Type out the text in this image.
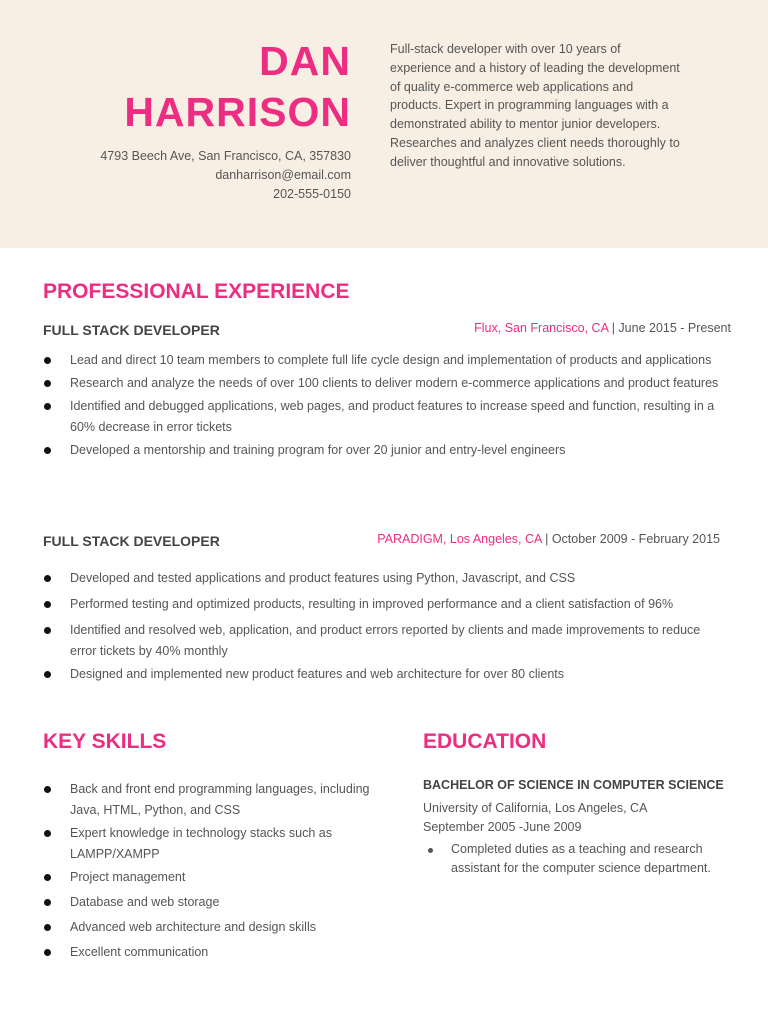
DAN
HARRISON
4793 Beech Ave, San Francisco, CA, 357830
danharrison@email.com
202-555-0150
Full-stack developer with over 10 years of experience and a history of leading the development of quality e-commerce web applications and products. Expert in programming languages with a demonstrated ability to mentor junior developers. Researches and analyzes client needs thoroughly to deliver thoughtful and innovative solutions.
PROFESSIONAL EXPERIENCE
FULL STACK DEVELOPER	Flux, San Francisco, CA | June 2015 - Present
Lead and direct 10 team members to complete full life cycle design and implementation of products and applications
Research and analyze the needs of over 100 clients to deliver modern e-commerce applications and product features
Identified and debugged applications, web pages, and product features to increase speed and function, resulting in a 60% decrease in error tickets
Developed a mentorship and training program for over 20 junior and entry-level engineers
FULL STACK DEVELOPER	PARADIGM, Los Angeles, CA | October 2009 - February 2015
Developed and tested applications and product features using Python, Javascript, and CSS
Performed testing and optimized products, resulting in improved performance and a client satisfaction of 96%
Identified and resolved web, application, and product errors reported by clients and made improvements to reduce error tickets by 40% monthly
Designed and implemented new product features and web architecture for over 80 clients
KEY SKILLS
Back and front end programming languages, including Java, HTML, Python, and CSS
Expert knowledge in technology stacks such as LAMPP/XAMPP
Project management
Database and web storage
Advanced web architecture and design skills
Excellent communication
EDUCATION
BACHELOR OF SCIENCE IN COMPUTER SCIENCE
University of California, Los Angeles, CA
September 2005 -June 2009
Completed duties as a teaching and research assistant for the computer science department.
